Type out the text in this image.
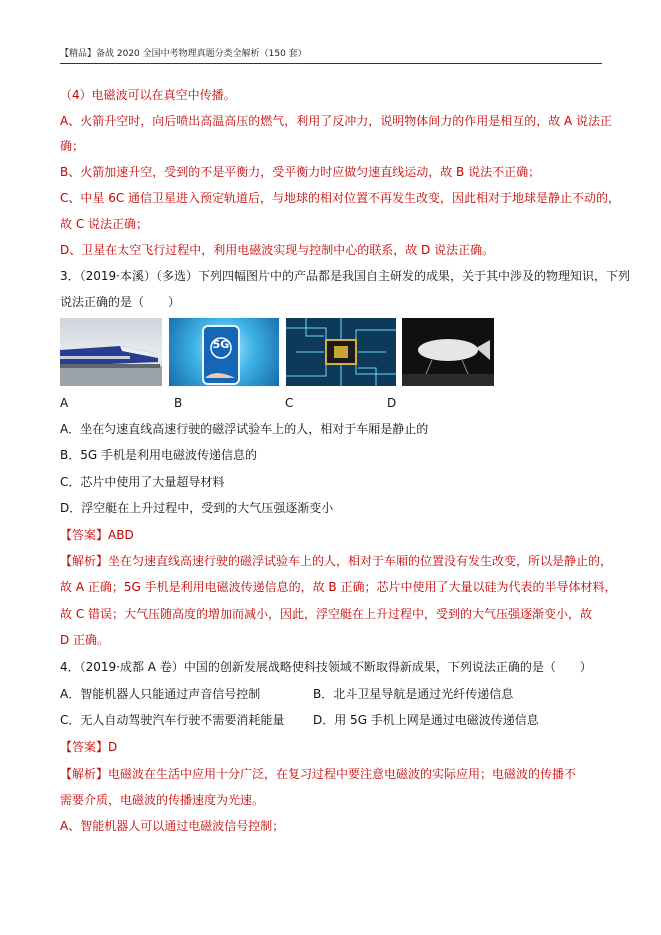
【精品】备战 2020 全国中考物理真题分类全解析（150 套）
（4）电磁波可以在真空中传播。
A、火箭升空时，向后喷出高温高压的燃气，利用了反冲力，说明物体间力的作用是相互的，故 A 说法正
确；
B、火箭加速升空，受到的不是平衡力，受平衡力时应做匀速直线运动，故 B 说法不正确；
C、中星 6C 通信卫星进入预定轨道后，与地球的相对位置不再发生改变，因此相对于地球是静止不动的，
故 C 说法正确；
D、卫星在太空飞行过程中，利用电磁波实现与控制中心的联系，故 D 说法正确。
3．（2019·本溪）（多选）下列四幅图片中的产品都是我国自主研发的成果，关于其中涉及的物理知识，下列
说法正确的是（　　）
5G
A	B	C	D
A．坐在匀速直线高速行驶的磁浮试验车上的人，相对于车厢是静止的
B．5G 手机是利用电磁波传递信息的
C．芯片中使用了大量超导材料
D．浮空艇在上升过程中，受到的大气压强逐渐变小
【答案】ABD
【解析】坐在匀速直线高速行驶的磁浮试验车上的人，相对于车厢的位置没有发生改变，所以是静止的，
故 A 正确；5G 手机是利用电磁波传递信息的，故 B 正确；芯片中使用了大量以硅为代表的半导体材料，
故 C 错误；大气压随高度的增加而减小，因此，浮空艇在上升过程中，受到的大气压强逐渐变小，故
D 正确。
4．（2019·成都 A 卷）中国的创新发展战略使科技领域不断取得新成果，下列说法正确的是（　　）
A．智能机器人只能通过声音信号控制	B．北斗卫星导航是通过光纤传递信息
C．无人自动驾驶汽车行驶不需要消耗能量	D．用 5G 手机上网是通过电磁波传递信息
【答案】D
【解析】电磁波在生活中应用十分广泛，在复习过程中要注意电磁波的实际应用；电磁波的传播不
需要介质，电磁波的传播速度为光速。
A、智能机器人可以通过电磁波信号控制；
